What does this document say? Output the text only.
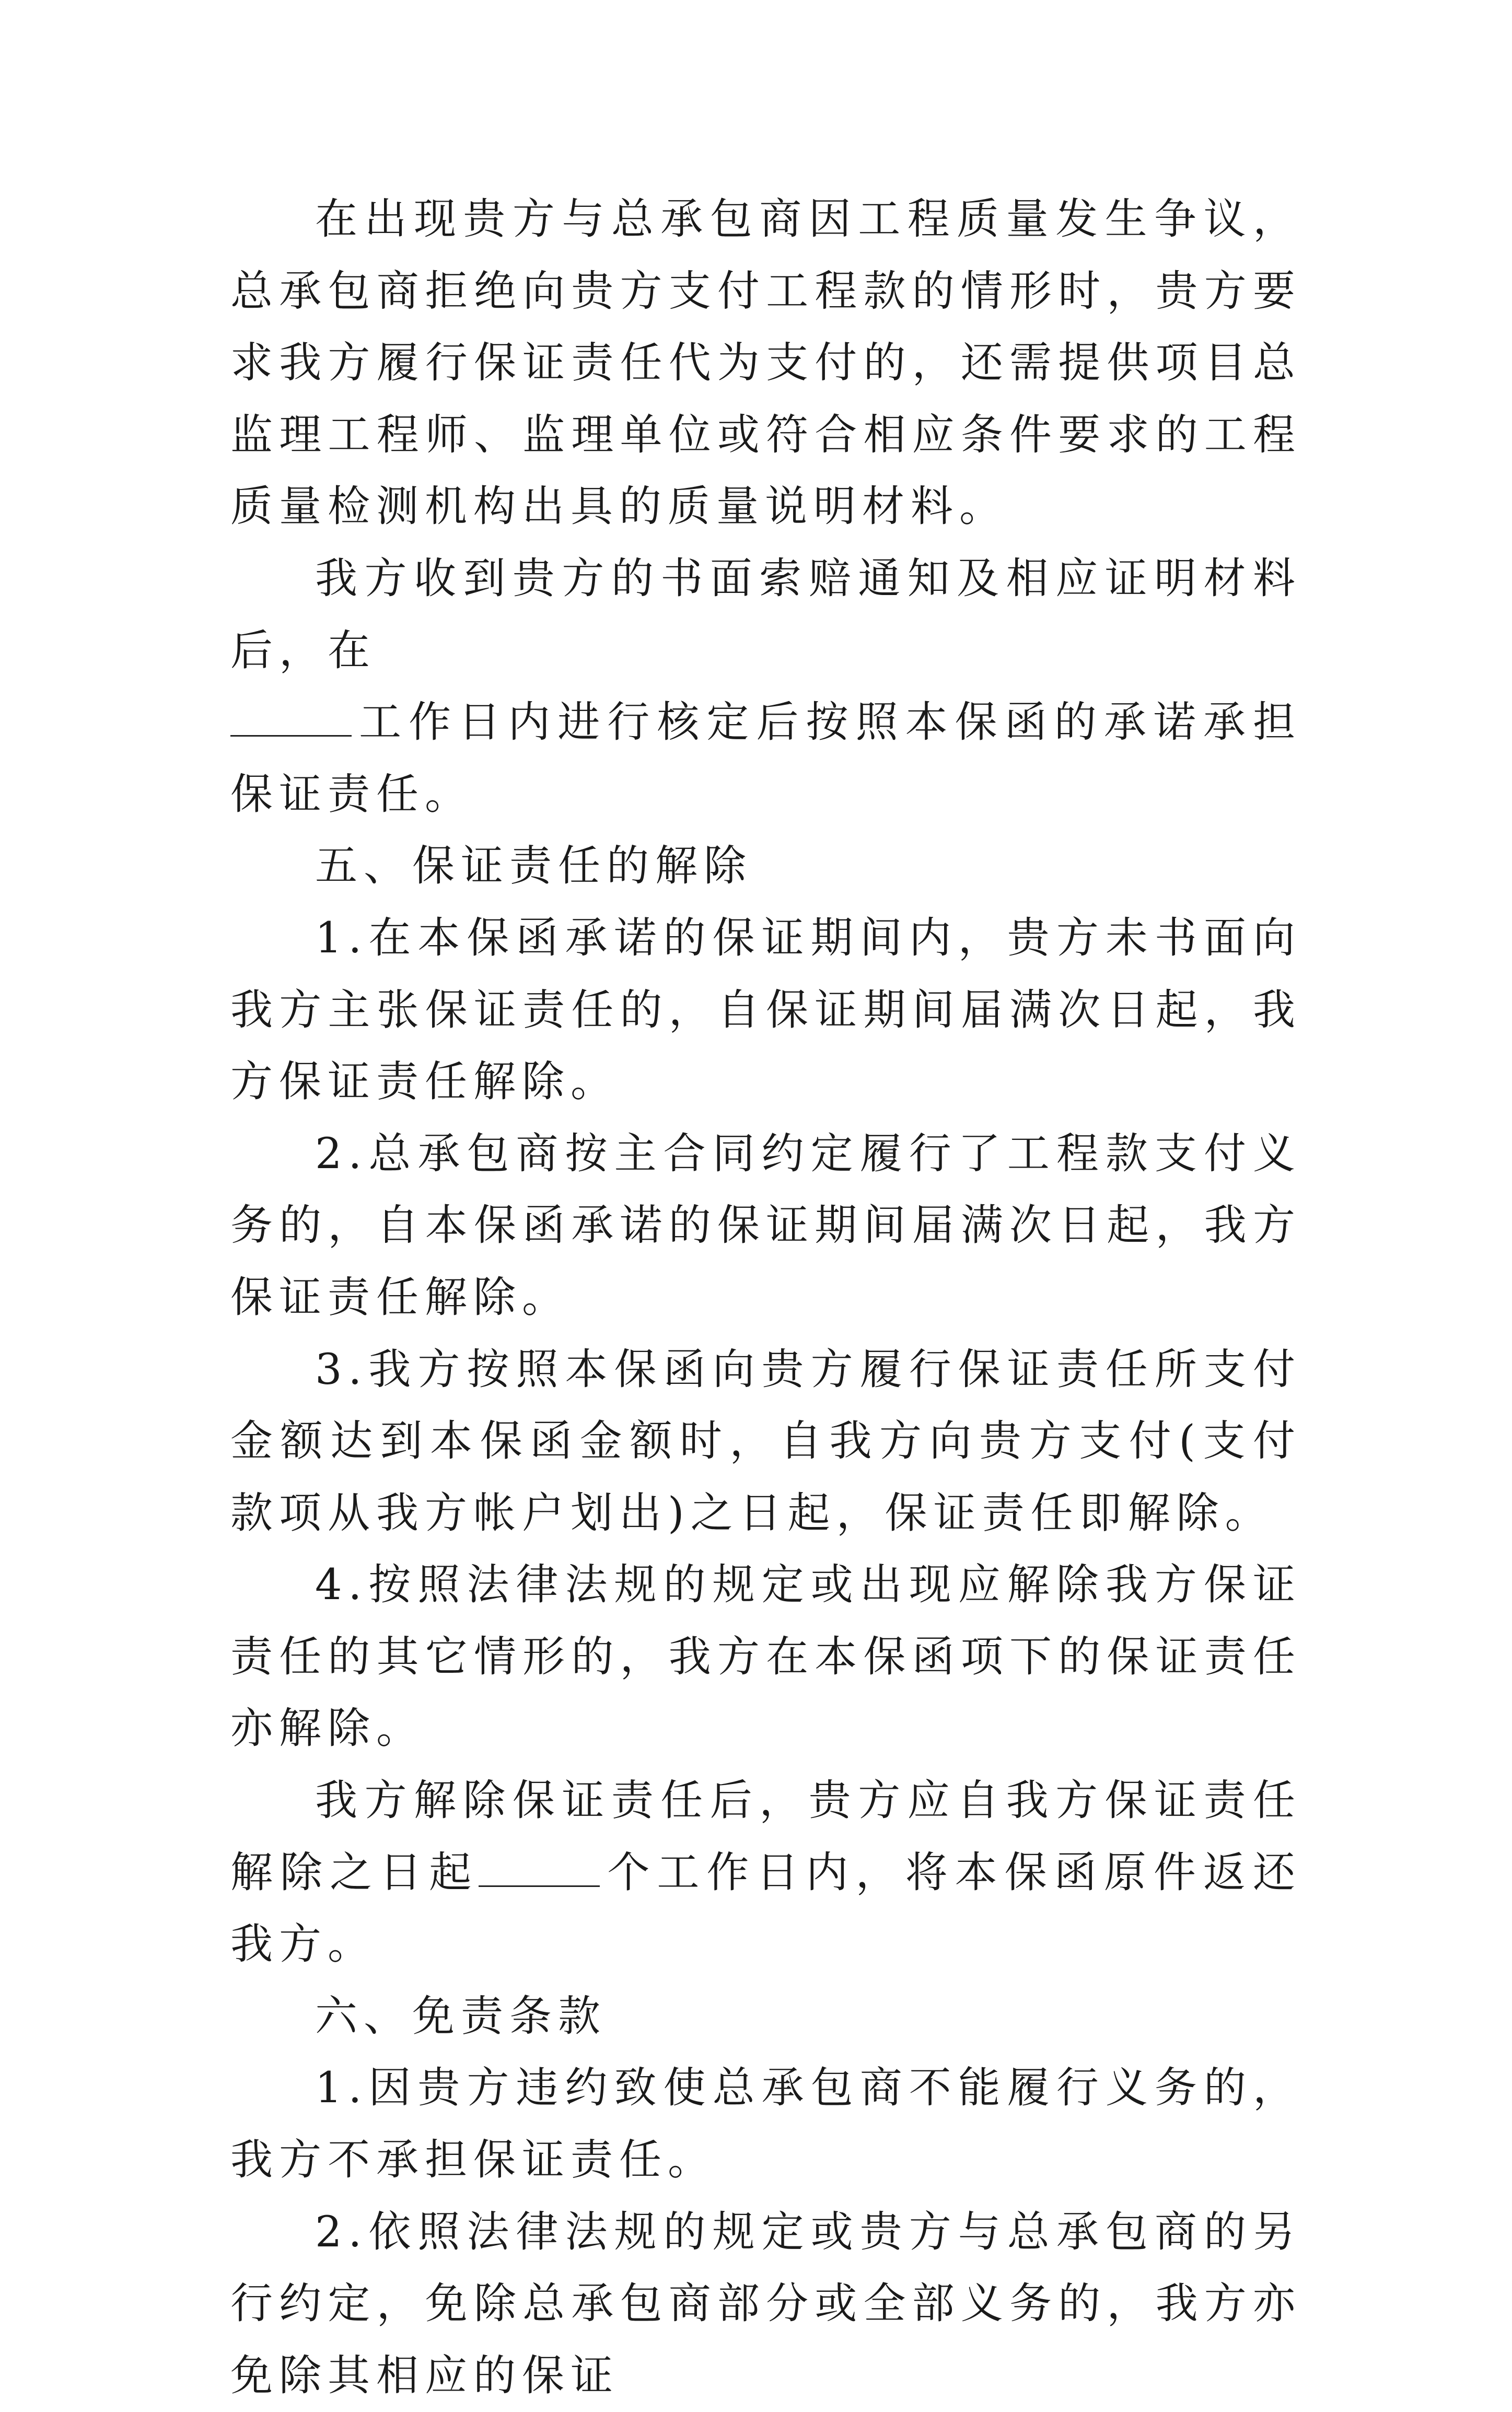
在出现贵方与总承包商因工程质量发生争议，总承包商拒绝向贵方支付工程款的情形时，贵方要求我方履行保证责任代为支付的，还需提供项目总监理工程师、监理单位或符合相应条件要求的工程质量检测机构出具的质量说明材料。

我方收到贵方的书面索赔通知及相应证明材料后，在
工作日内进行核定后按照本保函的承诺承担保证责任。

五、保证责任的解除

1.在本保函承诺的保证期间内，贵方未书面向我方主张保证责任的，自保证期间届满次日起，我方保证责任解除。

2.总承包商按主合同约定履行了工程款支付义务的，自本保函承诺的保证期间届满次日起，我方保证责任解除。

3.我方按照本保函向贵方履行保证责任所支付金额达到本保函金额时，自我方向贵方支付(支付款项从我方帐户划出)之日起，保证责任即解除。

4.按照法律法规的规定或出现应解除我方保证责任的其它情形的，我方在本保函项下的保证责任亦解除。

我方解除保证责任后，贵方应自我方保证责任解除之日起	个工作日内，将本保函原件返还我方。

六、免责条款

1.因贵方违约致使总承包商不能履行义务的，我方不承担保证责任。

2.依照法律法规的规定或贵方与总承包商的另行约定，免除总承包商部分或全部义务的，我方亦免除其相应的保证
